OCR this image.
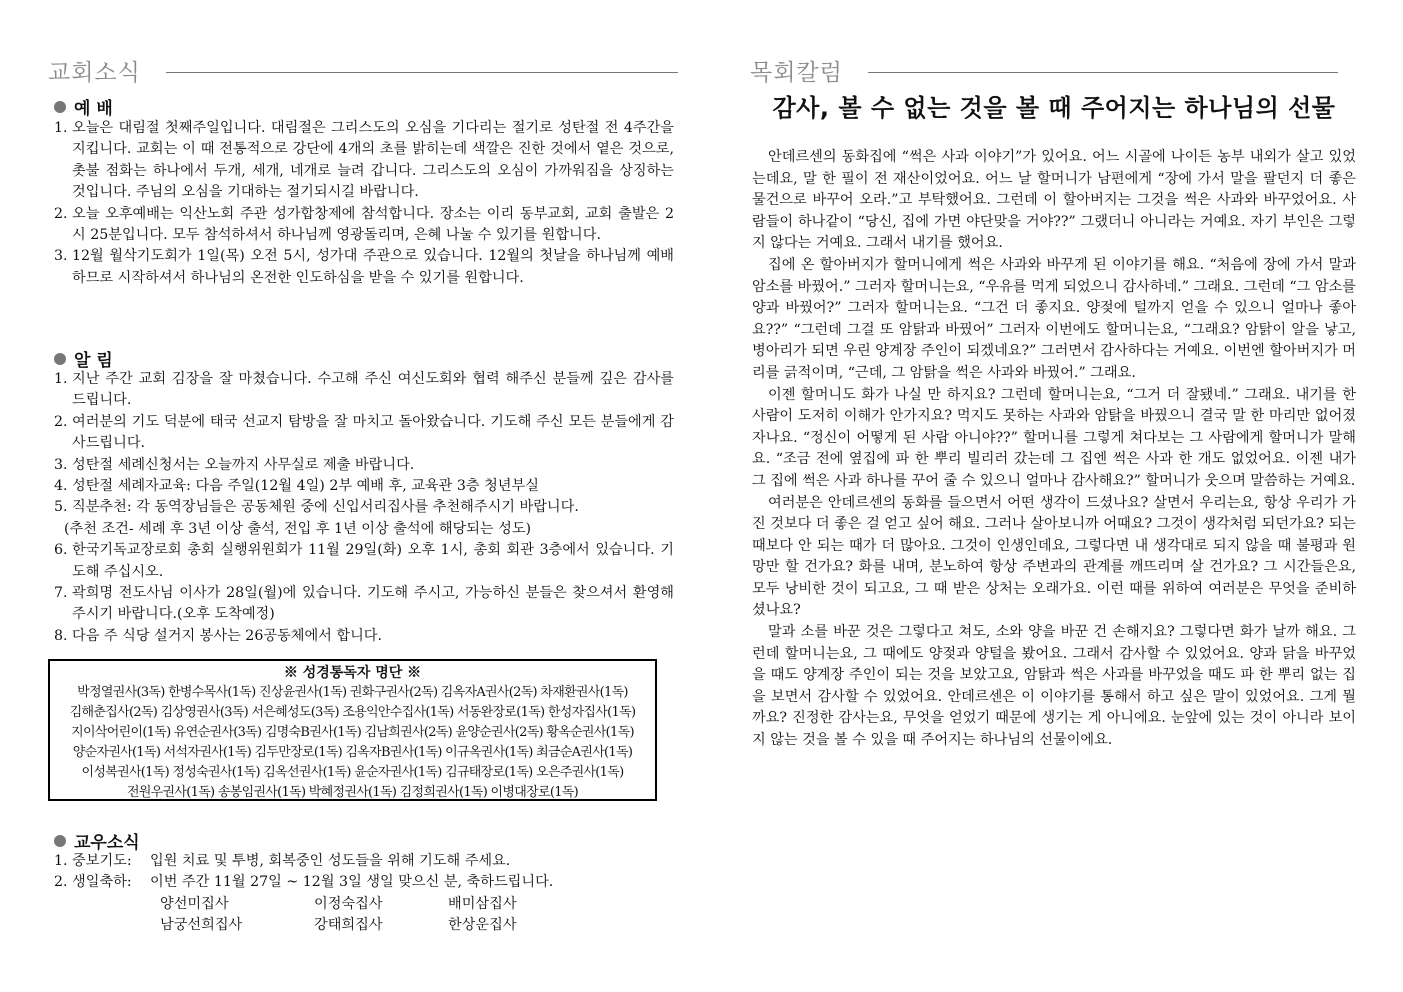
교회소식
예 배
1. 오늘은 대림절 첫째주일입니다. 대림절은 그리스도의 오심을 기다리는 절기로 성탄절 전 4주간을 지킵니다. 교회는 이 때 전통적으로 강단에 4개의 초를 밝히는데 색깔은 진한 것에서 옅은 것으로, 촛불 점화는 하나에서 두개, 세개, 네개로 늘려 갑니다. 그리스도의 오심이 가까워짐을 상징하는 것입니다. 주님의 오심을 기대하는 절기되시길 바랍니다.
2. 오늘 오후예배는 익산노회 주관 성가합창제에 참석합니다. 장소는 이리 동부교회, 교회 출발은 2시 25분입니다. 모두 참석하셔서 하나님께 영광돌리며, 은혜 나눌 수 있기를 원합니다.
3. 12월 월삭기도회가 1일(목) 오전 5시, 성가대 주관으로 있습니다. 12월의 첫날을 하나님께 예배하므로 시작하셔서 하나님의 온전한 인도하심을 받을 수 있기를 원합니다.
알 림
1. 지난 주간 교회 김장을 잘 마쳤습니다. 수고해 주신 여신도회와 협력 해주신 분들께 깊은 감사를 드립니다.
2. 여러분의 기도 덕분에 태국 선교지 탐방을 잘 마치고 돌아왔습니다. 기도해 주신 모든 분들에게 감사드립니다.
3. 성탄절 세례신청서는 오늘까지 사무실로 제출 바랍니다.
4. 성탄절 세례자교육: 다음 주일(12월 4일) 2부 예배 후, 교육관 3층 청년부실
5. 직분추천: 각 동역장님들은 공동체원 중에 신입서리집사를 추천해주시기 바랍니다.
(추천 조건- 세례 후 3년 이상 출석, 전입 후 1년 이상 출석에 해당되는 성도)
6. 한국기독교장로회 총회 실행위원회가 11월 29일(화) 오후 1시, 총회 회관 3층에서 있습니다. 기도해 주십시오.
7. 곽희명 전도사님 이사가 28일(월)에 있습니다. 기도해 주시고, 가능하신 분들은 찾으셔서 환영해 주시기 바랍니다.(오후 도착예정)
8. 다음 주 식당 설거지 봉사는 26공동체에서 합니다.
※ 성경통독자 명단 ※
박정열권사(3독) 한병수목사(1독) 진상윤권사(1독) 권화구권사(2독) 김옥자A권사(2독) 차재환권사(1독)
김해춘집사(2독) 김상영권사(3독) 서은혜성도(3독) 조용익안수집사(1독) 서동완장로(1독) 한성자집사(1독)
지이삭어린이(1독) 유연순권사(3독) 김명숙B권사(1독) 김남희권사(2독) 윤양순권사(2독) 황옥순권사(1독)
양순자권사(1독) 서석자권사(1독) 김두만장로(1독) 김옥자B권사(1독) 이규옥권사(1독) 최금순A권사(1독)
이성복권사(1독) 정성숙권사(1독) 김옥선권사(1독) 윤순자권사(1독) 김규태장로(1독) 오은주권사(1독)
전원우권사(1독) 송봉임권사(1독) 박혜정권사(1독) 김정희권사(1독) 이병대장로(1독)
교우소식
1. 중보기도: 입원 치료 및 투병, 회복중인 성도들을 위해 기도해 주세요.
2. 생일축하: 이번 주간 11월 27일 ~ 12월 3일 생일 맞으신 분, 축하드립니다.
양선미집사	이정숙집사	배미삼집사
남궁선희집사	강태희집사	한상운집사
목회칼럼
감사, 볼 수 없는 것을 볼 때 주어지는 하나님의 선물

안데르센의 동화집에 “썩은 사과 이야기”가 있어요. 어느 시골에 나이든 농부 내외가 살고 있었는데요, 말 한 필이 전 재산이었어요. 어느 날 할머니가 남편에게 “장에 가서 말을 팔던지 더 좋은 물건으로 바꾸어 오라.”고 부탁했어요. 그런데 이 할아버지는 그것을 썩은 사과와 바꾸었어요. 사람들이 하나같이 “당신, 집에 가면 야단맞을 거야??” 그랬더니 아니라는 거예요. 자기 부인은 그렇지 않다는 거예요. 그래서 내기를 했어요.

집에 온 할아버지가 할머니에게 썩은 사과와 바꾸게 된 이야기를 해요. “처음에 장에 가서 말과 암소를 바꿨어.” 그러자 할머니는요, “우유를 먹게 되었으니 감사하네.” 그래요. 그런데 “그 암소를 양과 바꿨어?” 그러자 할머니는요. “그건 더 좋지요. 양젖에 털까지 얻을 수 있으니 얼마나 좋아요??” “그런데 그걸 또 암탉과 바꿨어” 그러자 이번에도 할머니는요, “그래요? 암탉이 알을 낳고, 병아리가 되면 우린 양계장 주인이 되겠네요?” 그러면서 감사하다는 거예요. 이번엔 할아버지가 머리를 긁적이며, “근데, 그 암탉을 썩은 사과와 바꿨어.” 그래요.

이젠 할머니도 화가 나실 만 하지요? 그런데 할머니는요, “그거 더 잘됐네.” 그래요. 내기를 한 사람이 도저히 이해가 안가지요? 먹지도 못하는 사과와 암탉을 바꿨으니 결국 말 한 마리만 없어졌자나요. “정신이 어떻게 된 사람 아니야??” 할머니를 그렇게 쳐다보는 그 사람에게 할머니가 말해요. “조금 전에 옆집에 파 한 뿌리 빌리러 갔는데 그 집엔 썩은 사과 한 개도 없었어요. 이젠 내가 그 집에 썩은 사과 하나를 꾸어 줄 수 있으니 얼마나 감사해요?” 할머니가 웃으며 말씀하는 거예요.

여러분은 안데르센의 동화를 들으면서 어떤 생각이 드셨나요? 살면서 우리는요, 항상 우리가 가진 것보다 더 좋은 걸 얻고 싶어 해요. 그러나 살아보니까 어때요? 그것이 생각처럼 되던가요? 되는 때보다 안 되는 때가 더 많아요. 그것이 인생인데요, 그렇다면 내 생각대로 되지 않을 때 불평과 원망만 할 건가요? 화를 내며, 분노하여 항상 주변과의 관계를 깨뜨리며 살 건가요? 그 시간들은요, 모두 낭비한 것이 되고요, 그 때 받은 상처는 오래가요. 이런 때를 위하여 여러분은 무엇을 준비하셨나요?

말과 소를 바꾼 것은 그렇다고 쳐도, 소와 양을 바꾼 건 손해지요? 그렇다면 화가 날까 해요. 그런데 할머니는요, 그 때에도 양젖과 양털을 봤어요. 그래서 감사할 수 있었어요. 양과 닭을 바꾸었을 때도 양계장 주인이 되는 것을 보았고요, 암탉과 썩은 사과를 바꾸었을 때도 파 한 뿌리 없는 집을 보면서 감사할 수 있었어요. 안데르센은 이 이야기를 통해서 하고 싶은 말이 있었어요. 그게 뭘까요? 진정한 감사는요, 무엇을 얻었기 때문에 생기는 게 아니에요. 눈앞에 있는 것이 아니라 보이지 않는 것을 볼 수 있을 때 주어지는 하나님의 선물이에요.
